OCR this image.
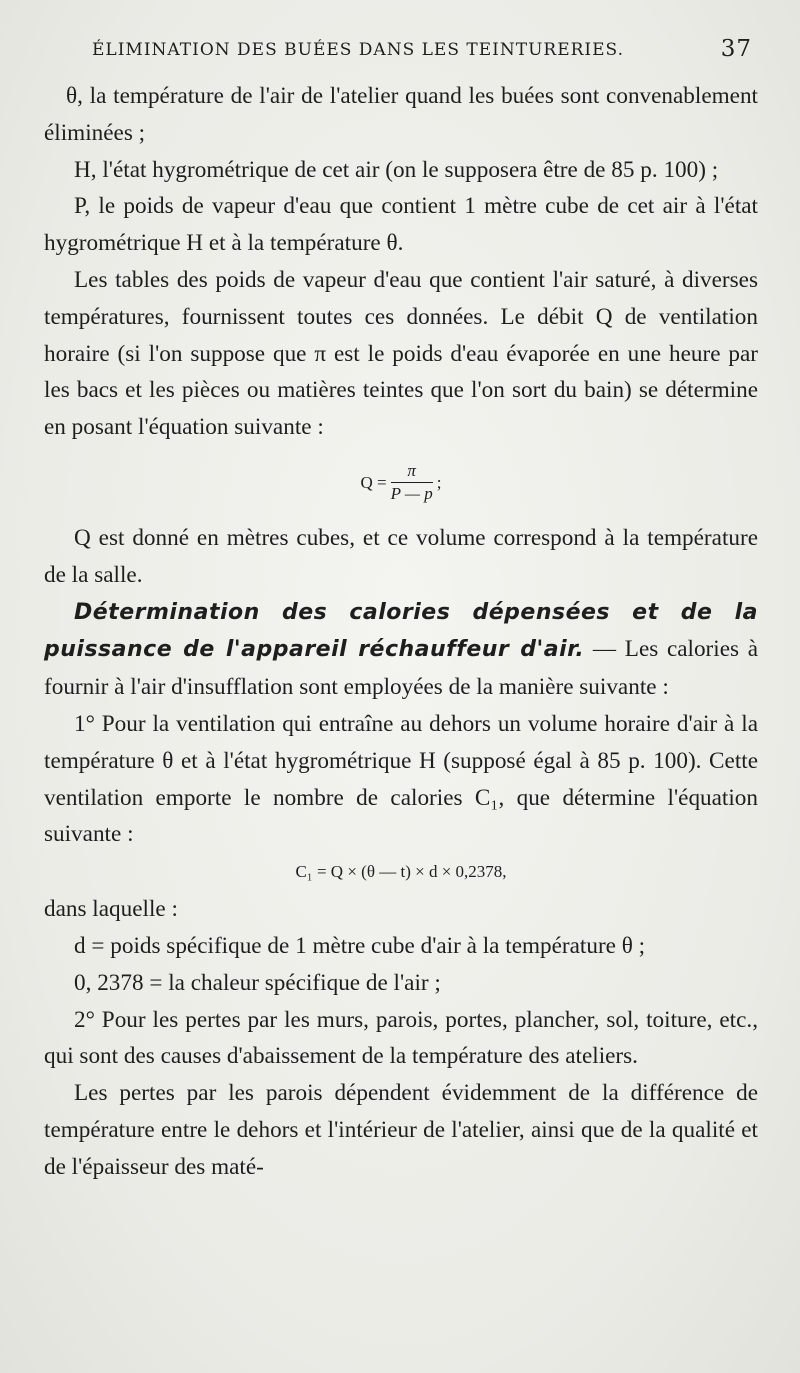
ÉLIMINATION DES BUÉES DANS LES TEINTURERIES.	37

θ, la température de l'air de l'atelier quand les buées sont convenablement éliminées ;

H, l'état hygrométrique de cet air (on le supposera être de 85 p. 100) ;

P, le poids de vapeur d'eau que contient 1 mètre cube de cet air à l'état hygrométrique H et à la température θ.

Les tables des poids de vapeur d'eau que contient l'air saturé, à diverses températures, fournissent toutes ces données. Le débit Q de ventilation horaire (si l'on suppose que π est le poids d'eau évaporée en une heure par les bacs et les pièces ou matières teintes que l'on sort du bain) se détermine en posant l'équation suivante :

$Q = \frac{\pi}{P — p}$ ;

Q est donné en mètres cubes, et ce volume correspond à la température de la salle.

Détermination des calories dépensées et de la puissance de l'appareil réchauffeur d'air. — Les calories à fournir à l'air d'insufflation sont employées de la manière suivante :

1° Pour la ventilation qui entraîne au dehors un volume horaire d'air à la température θ et à l'état hygrométrique H (supposé égal à 85 p. 100). Cette ventilation emporte le nombre de calories C₁, que détermine l'équation suivante :

C₁ = Q × (θ — t) × d × 0,2378,

dans laquelle :

d = poids spécifique de 1 mètre cube d'air à la température θ ;

0, 2378 = la chaleur spécifique de l'air ;

2° Pour les pertes par les murs, parois, portes, plancher, sol, toiture, etc., qui sont des causes d'abaissement de la température des ateliers.

Les pertes par les parois dépendent évidemment de la différence de température entre le dehors et l'intérieur de l'atelier, ainsi que de la qualité et de l'épaisseur des maté-
